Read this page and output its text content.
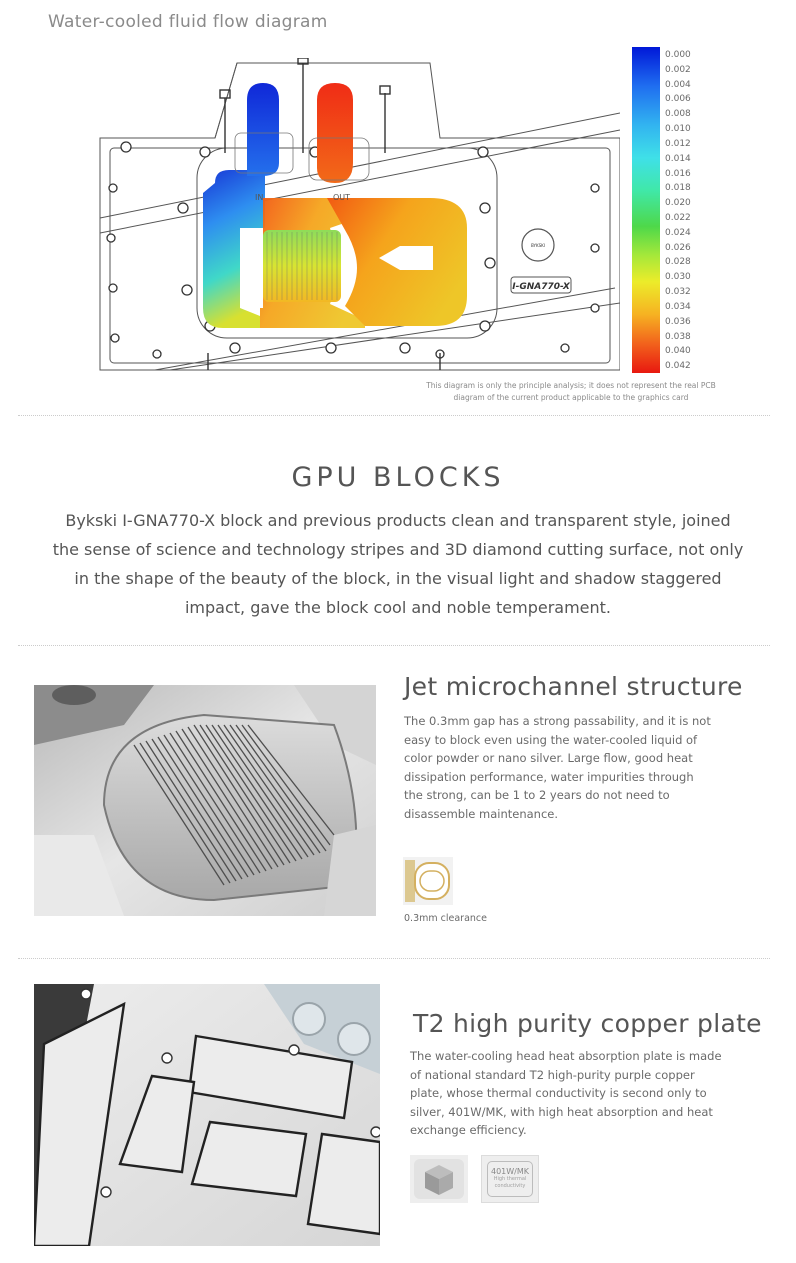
Water-cooled fluid flow diagram
IN	OUT
BYKSKI
I-GNA770-X
0.000
0.002
0.004
0.006
0.008
0.010
0.012
0.014
0.016
0.018
0.020
0.022
0.024
0.026
0.028
0.030
0.032
0.034
0.036
0.038
0.040
0.042
This diagram is only the principle analysis; it does not represent the real PCB
diagram of the current product applicable to the graphics card
GPU BLOCKS
Bykski I-GNA770-X block and previous products clean and transparent style, joined
the sense of science and technology stripes and 3D diamond cutting surface, not only
in the shape of the beauty of the block, in the visual light and shadow staggered
impact, gave the block cool and noble temperament.
Jet microchannel structure
The 0.3mm gap has a strong passability, and it is not
easy to block even using the water-cooled liquid of
color powder or nano silver. Large flow, good heat
dissipation performance, water impurities through
the strong, can be 1 to 2 years do not need to
disassemble maintenance.
0.3mm clearance
T2 high purity copper plate
The water-cooling head heat absorption plate is made
of national standard T2 high-purity purple copper
plate, whose thermal conductivity is second only to
silver, 401W/MK, with high heat absorption and heat
exchange efficiency.
401W/MK
High thermal
conductivity
